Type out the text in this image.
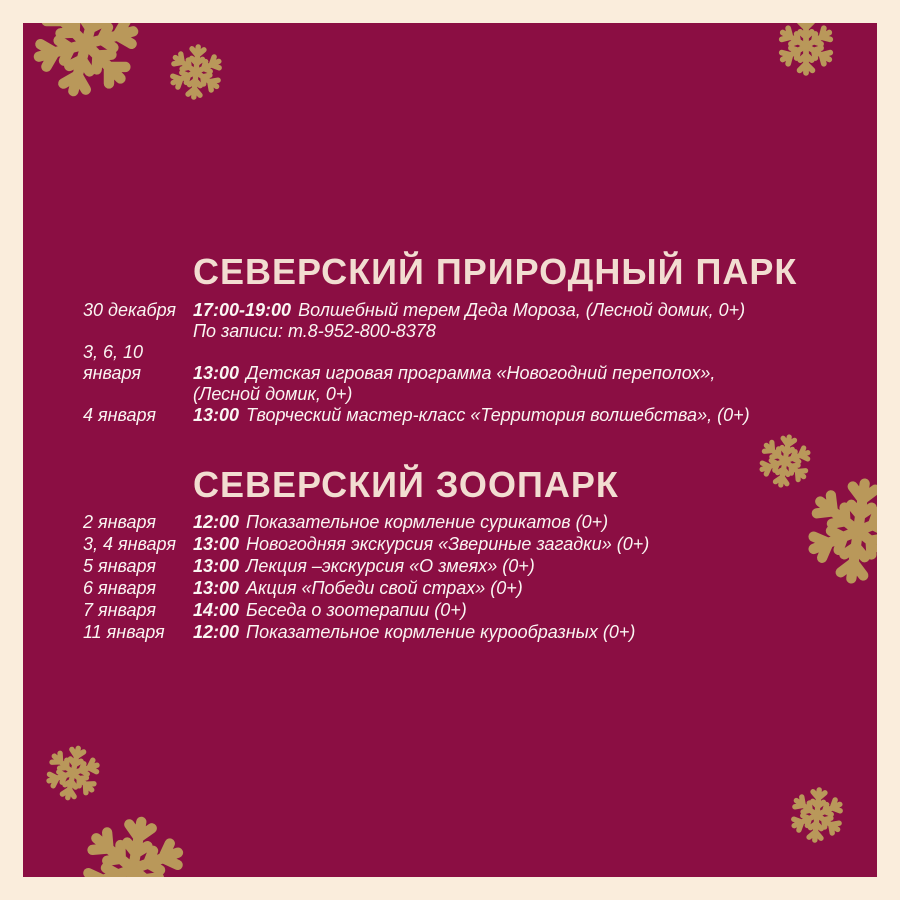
СЕВЕРСКИЙ ПРИРОДНЫЙ ПАРК
30 декабря 17:00-19:00 Волшебный терем Деда Мороза, (Лесной домик, 0+)
По записи: т.8-952-800-8378
3, 6, 10
января	13:00 Детская игровая программа «Новогодний переполох»,
(Лесной домик, 0+)
4 января	13:00 Творческий мастер-класс «Территория волшебства», (0+)
СЕВЕРСКИЙ ЗООПАРК
2 января	12:00 Показательное кормление сурикатов (0+)
3, 4 января 13:00 Новогодняя экскурсия «Звериные загадки» (0+)
5 января	13:00 Лекция –экскурсия «О змеях» (0+)
6 января	13:00 Акция «Победи свой страх» (0+)
7 января	14:00 Беседа о зоотерапии (0+)
11 января	12:00 Показательное кормление курообразных (0+)
